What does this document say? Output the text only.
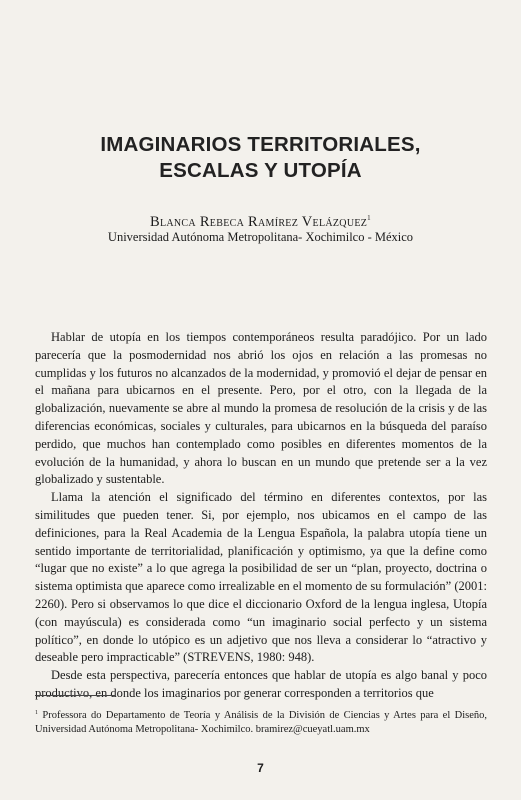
IMAGINARIOS TERRITORIALES,
ESCALAS Y UTOPÍA
Blanca Rebeca Ramírez Velázquez$^1$
Universidad Autónoma Metropolitana- Xochimilco - México

Hablar de utopía en los tiempos contemporáneos resulta paradójico. Por un lado parecería que la posmodernidad nos abrió los ojos en relación a las promesas no cumplidas y los futuros no alcanzados de la modernidad, y promovió el dejar de pensar en el mañana para ubicarnos en el presente. Pero, por el otro, con la llegada de la globalización, nuevamente se abre al mundo la promesa de resolución de la crisis y de las diferencias económicas, sociales y culturales, para ubicarnos en la búsqueda del paraíso perdido, que muchos han contemplado como posibles en diferentes momentos de la evolución de la humanidad, y ahora lo buscan en un mundo que pretende ser a la vez globalizado y sustentable.

Llama la atención el significado del término en diferentes contextos, por las similitudes que pueden tener. Si, por ejemplo, nos ubicamos en el campo de las definiciones, para la Real Academia de la Lengua Española, la palabra utopía tiene un sentido importante de territorialidad, planificación y optimismo, ya que la define como “lugar que no existe” a lo que agrega la posibilidad de ser un “plan, proyecto, doctrina o sistema optimista que aparece como irrealizable en el momento de su formulación” (2001: 2260). Pero si observamos lo que dice el diccionario Oxford de la lengua inglesa, Utopía (con mayúscula) es considerada como “un imaginario social perfecto y un sistema político”, en donde lo utópico es un adjetivo que nos lleva a considerar lo “atractivo y deseable pero impracticable” (STREVENS, 1980: 948).

Desde esta perspectiva, parecería entonces que hablar de utopía es algo banal y poco productivo, en donde los imaginarios por generar corresponden a territorios que

$^1$ Professora do Departamento de Teoría y Análisis de la División de Ciencias y Artes para el Diseño, Universidad Autónoma Metropolitana- Xochimilco. bramirez@cueyatl.uam.mx
7
